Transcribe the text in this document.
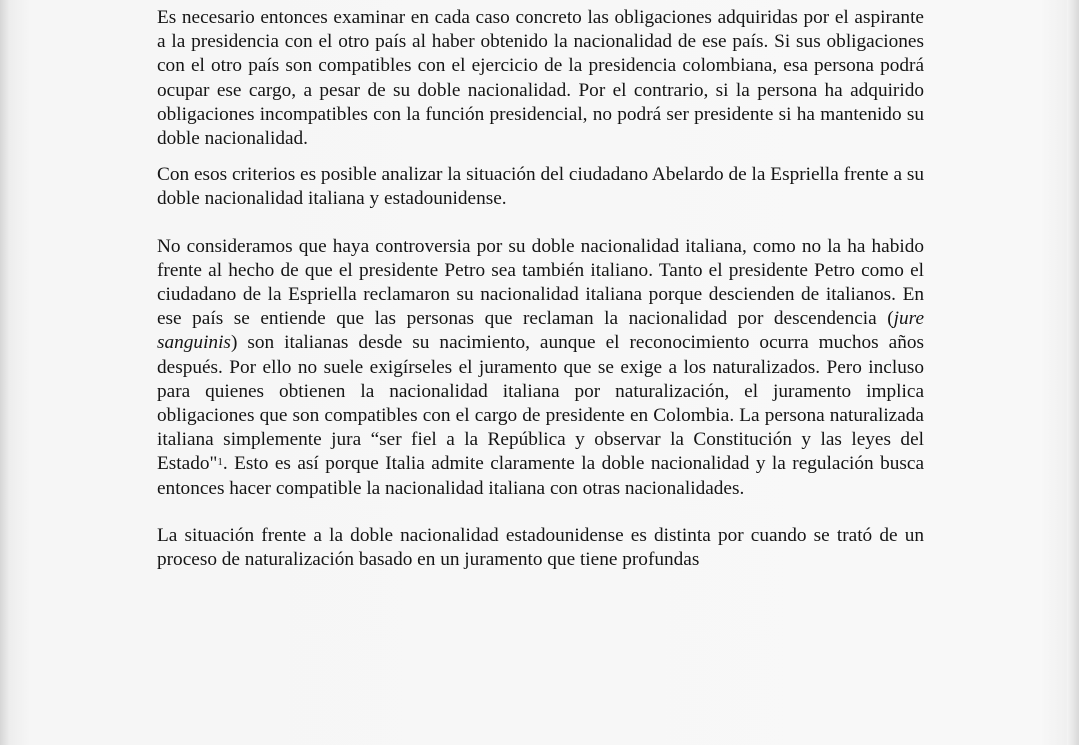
Es necesario entonces examinar en cada caso concreto las obligaciones adquiridas por el aspirante a la presidencia con el otro país al haber obtenido la nacionalidad de ese país. Si sus obligaciones con el otro país son compatibles con el ejercicio de la presidencia colombiana, esa persona podrá ocupar ese cargo, a pesar de su doble nacionalidad. Por el contrario, si la persona ha adquirido obligaciones incompatibles con la función presidencial, no podrá ser presidente si ha mantenido su doble nacionalidad.

Con esos criterios es posible analizar la situación del ciudadano Abelardo de la Espriella frente a su doble nacionalidad italiana y estadounidense.

No consideramos que haya controversia por su doble nacionalidad italiana, como no la ha habido frente al hecho de que el presidente Petro sea también italiano. Tanto el presidente Petro como el ciudadano de la Espriella reclamaron su nacionalidad italiana porque descienden de italianos. En ese país se entiende que las personas que reclaman la nacionalidad por descendencia (jure sanguinis) son italianas desde su nacimiento, aunque el reconocimiento ocurra muchos años después. Por ello no suele exigírseles el juramento que se exige a los naturalizados. Pero incluso para quienes obtienen la nacionalidad italiana por naturalización, el juramento implica obligaciones que son compatibles con el cargo de presidente en Colombia. La persona naturalizada italiana simplemente jura “ser fiel a la República y observar la Constitución y las leyes del Estado"$^1$. Esto es así porque Italia admite claramente la doble nacionalidad y la regulación busca entonces hacer compatible la nacionalidad italiana con otras nacionalidades.

La situación frente a la doble nacionalidad estadounidense es distinta por cuando se trató de un proceso de naturalización basado en un juramento que tiene profundas
